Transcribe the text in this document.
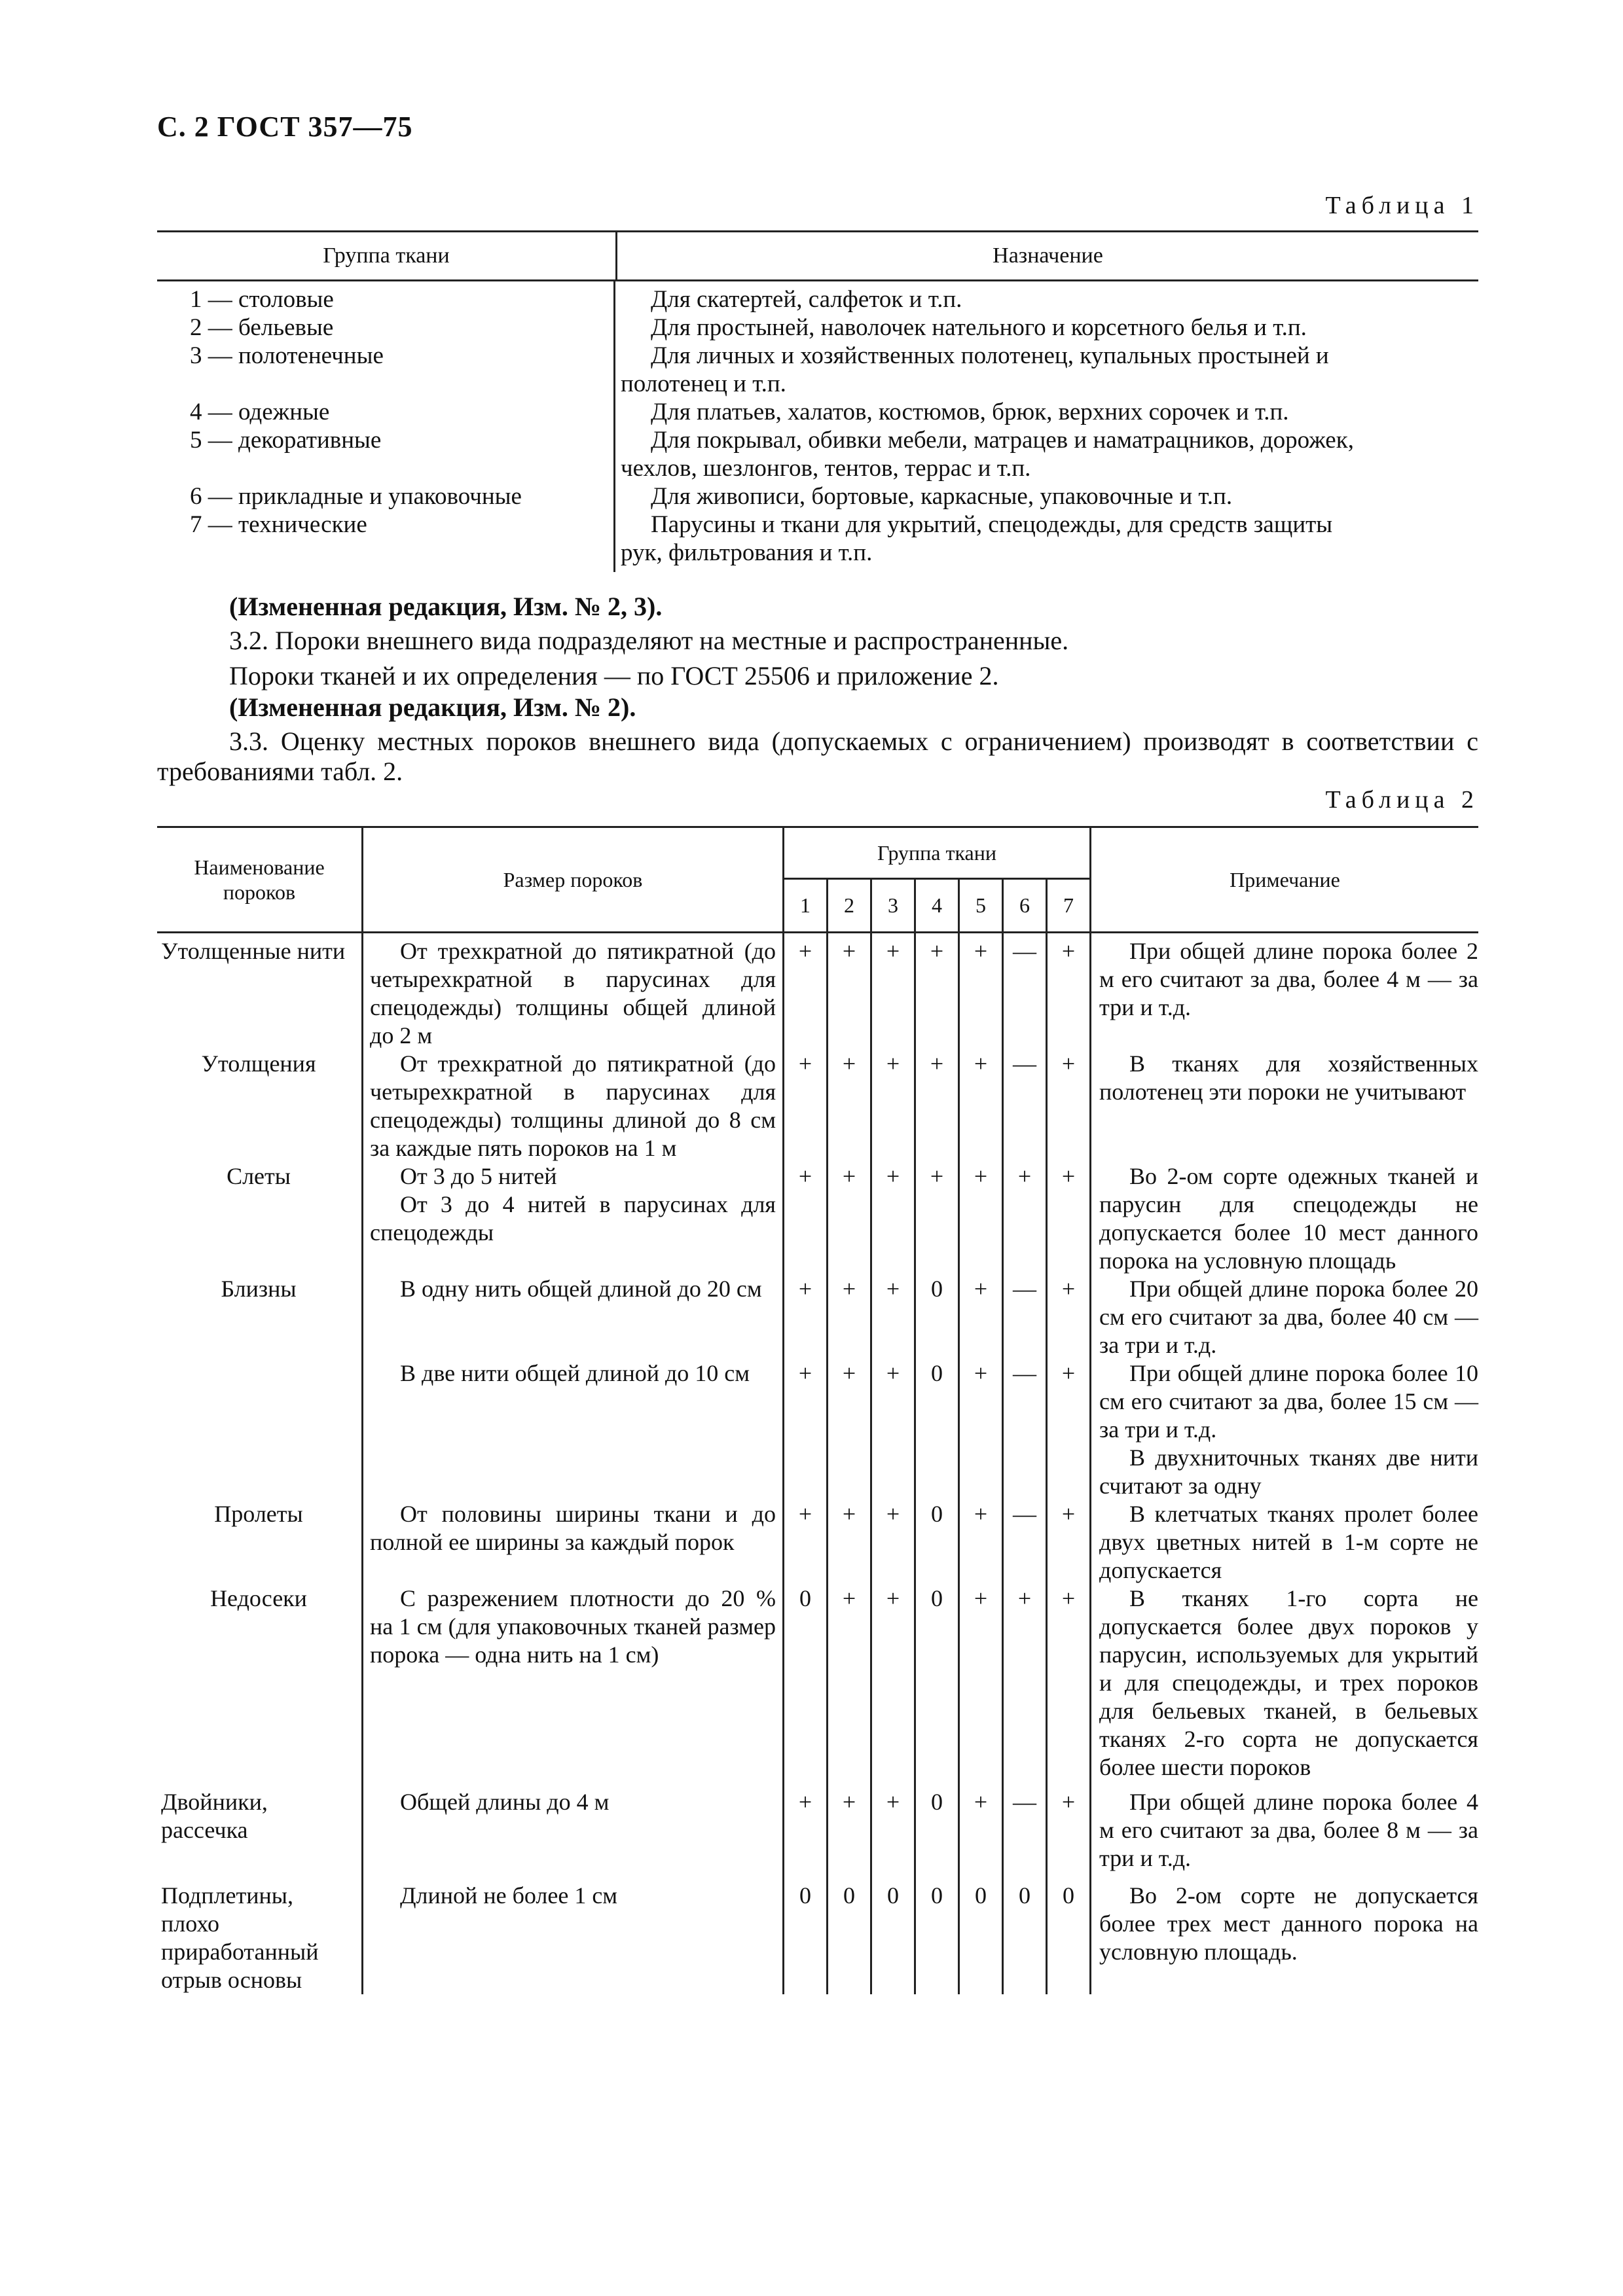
С. 2 ГОСТ 357—75
Таблица 1
Группа ткани	Назначение
1 — столовые	Для скатертей, салфеток и т.п.
2 — бельевые	Для простыней, наволочек нательного и корсетного белья и т.п.
3 — полотенечные	Для личных и хозяйственных полотенец, купальных простыней и
полотенец и т.п.
4 — одежные	Для платьев, халатов, костюмов, брюк, верхних сорочек и т.п.
5 — декоративные	Для покрывал, обивки мебели, матрацев и наматрацников, дорожек,
чехлов, шезлонгов, тентов, террас и т.п.
6 — прикладные и упаковочные	Для живописи, бортовые, каркасные, упаковочные и т.п.
7 — технические	Парусины и ткани для укрытий, спецодежды, для средств защиты
рук, фильтрования и т.п.
(Измененная редакция, Изм. № 2, 3).
3.2. Пороки внешнего вида подразделяют на местные и распространенные.
Пороки тканей и их определения — по ГОСТ 25506 и приложение 2.
(Измененная редакция, Изм. № 2).
3.3. Оценку местных пороков внешнего вида (допускаемых с ограничением) производят в соответствии с требованиями табл. 2.
Таблица 2
Наименование пороков	Размер пороков	Группа ткани							Примечание
		1	2	3	4	5	6	7	
Утолщенные нити	От трехкратной до пятикратной (до четырехкратной в парусинах для спецодежды) толщины общей длиной до 2 м	+	+	+	+	+	—	+	При общей длине порока более 2 м его считают за два, более 4 м — за три и т.д.

Утолщения	От трехкратной до пятикратной (до четырехкратной в парусинах для спецодежды) толщины длиной до 8 см за каждые пять пороков на 1 м	+	+	+	+	+	—	+	В тканях для хозяйственных полотенец эти пороки не учитывают

Слеты	От 3 до 5 нитей
От 3 до 4 нитей в парусинах для спецодежды	+	+	+	+	+	+	+	Во 2-ом сорте одежных тканей и парусин для спецодежды не допускается более 10 мест данного порока на условную площадь

Близны	В одну нить общей длиной до 20 см	+	+	+	0	+	—	+	При общей длине порока более 20 см его считают за два, более 40 см — за три и т.д.

	В две нити общей длиной до 10 см	+	+	+	0	+	—	+	При общей длине порока более 10 см его считают за два, более 15 см — за три и т.д.
В двухниточных тканях две нити считают за одну

Пролеты	От половины ширины ткани и до полной ее ширины за каждый порок	+	+	+	0	+	—	+	В клетчатых тканях пролет более двух цветных нитей в 1-м сорте не допускается

Недосеки	С разрежением плотности до 20 % на 1 см (для упаковочных тканей размер порока — одна нить на 1 см)	0	+	+	0	+	+	+	В тканях 1-го сорта не допускается более двух пороков у парусин, используемых для укрытий и для спецодежды, и трех пороков для бельевых тканей, в бельевых тканях 2-го сорта не допускается более шести пороков

Двойники, рассечка	Общей длины до 4 м	+	+	+	0	+	—	+	При общей длине порока более 4 м его считают за два, более 8 м — за три и т.д.

Подплетины, плохо приработанный отрыв основы	Длиной не более 1 см	0	0	0	0	0	0	0	Во 2-ом сорте не допускается более трех мест данного порока на условную площадь.
